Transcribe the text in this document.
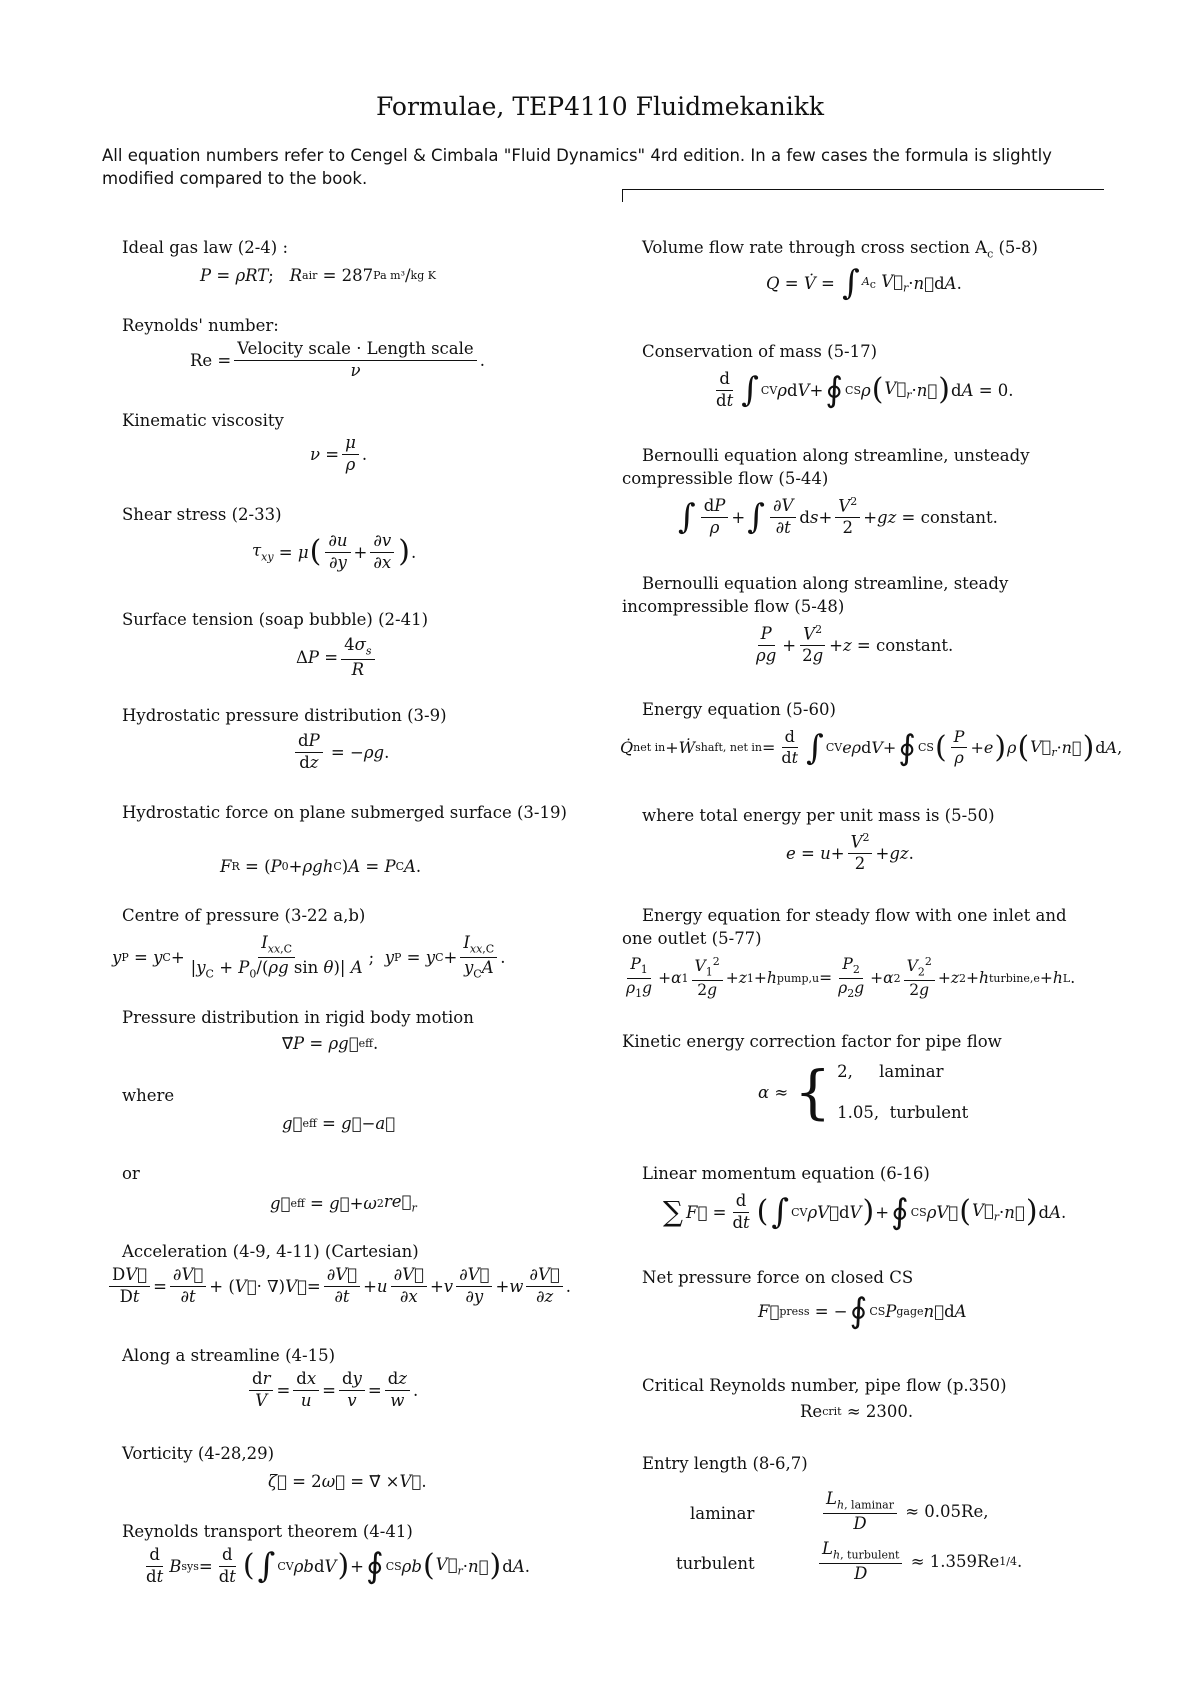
Formulae, TEP4110 Fluidmekanikk
All equation numbers refer to Cengel & Cimbala "Fluid Dynamics" 4rd edition. In a few cases the formula is slightly modified compared to the book.
Ideal gas law (2-4) :
P = ρRT ; R air = 287 Pa m³ / kg K
Reynolds' number:
$Re = \frac{\text{Velocity scale · Length scale}}{\nu}$ .
Kinematic viscosity
$\nu = \frac{\mu}{\rho}$ .
Shear stress (2-33)
$\tau_{xy} = \mu$ ( $\frac{\partial u}{\partial y} + \frac{\partial v}{\partial x}$ ) .
Surface tension (soap bubble) (2-41)
Δ $P = \frac{4\sigma_s}{R}$
Hydrostatic pressure distribution (3-9)
$\frac{dP}{dz}$ = − ρg .
Hydrostatic force on plane submerged surface (3-19)
F R = ( P 0 + ρgh C ) A = P C A .
Centre of pressure (3-22 a,b)
y P = y $C + \frac{I_{xx,C}}{|y_C + P_0/(\rho g \sin \theta)| A}$ ; y P = y $C + \frac{I_{xx,C}}{y_CA}$ .
Pressure distribution in rigid body motion
∇⃗ P = ρg⃗ eff .
where
g⃗ eff = g⃗ − a⃗
or
g⃗ eff = g⃗ + ω 2 $re⃗_r$
Acceleration (4-9, 4-11) (Cartesian)
$\frac{DV⃗}{Dt} = \frac{\partial V⃗}{\partial t}$ + ( V⃗ · ∇) V⃗ = $\frac{\partial V⃗}{\partial t} + u \frac{\partial V⃗}{\partial x} + v \frac{\partial V⃗}{\partial y} + w \frac{\partial V⃗}{\partial z}$ .
Along a streamline (4-15)
$\frac{dr}{V} = \frac{dx}{u} = \frac{dy}{v} = \frac{dz}{w}$ .
Vorticity (4-28,29)
ζ⃗ = 2 ω⃗ = ∇⃗ × V⃗ .
Reynolds transport theorem (4-41)
$\frac{d}{dt}$ B sys = $\frac{d}{dt}$ ( ∫ CV ρb d V ) + ∮ CS ρb ( $V⃗_r$ · n⃗ ) d A .
Volume flow rate through cross section $A_c$ (5-8)
Q = V̇ = ∫ $A_c$
$V⃗_r$ · n⃗ d A .
Conservation of mass (5-17)
$\frac{d}{dt}$ ∫ CV ρ d V + ∮ CS ρ ( $V⃗_r$ · n⃗ ) d A = 0.
Bernoulli equation along streamline, unsteady compressible flow (5-44)
∫ $\frac{dP}{\rho}$ + ∫ $\frac{\partial V}{\partial t}$ d $s + \frac{V^2}{2}$ + gz = constant.
Bernoulli equation along streamline, steady incompressible flow (5-48)
$\frac{P}{\rho g} + \frac{V^2}{2g} + z$ = constant.
Energy equation (5-60)
Q̇ net in + Ẇ shaft, net in = $\frac{d}{dt}$ ∫ CV eρ d V + ∮ CS ( $\frac{P}{\rho} + e$ ) ρ ( $V⃗_r$ · n⃗ ) d A ,
where total energy per unit mass is (5-50)
$e = u + \frac{V^2}{2}$ + gz .
Energy equation for steady flow with one inlet and one outlet (5-77)
$\frac{P_1}{\rho_1g} + \alpha$ $1 \frac{V_1^2}{2g} + z$ 1 + h pump,u = $\frac{P_2}{\rho_2g} + \alpha$ $2 \frac{V_2^2}{2g} + z$ 2 + h turbine,e + h L .
Kinetic energy correction factor for pipe flow
α ≈ { 2, laminar
1.05, turbulent
Linear momentum equation (6-16)
∑ F⃗ = $\frac{d}{dt}$ ( ∫ CV ρV⃗ d V ) + ∮ CS ρV⃗ ( $V⃗_r$ · n⃗ ) d A .
Net pressure force on closed CS
F⃗ press = − ∮ CS P gage n⃗ d A
Critical Reynolds number, pipe flow (p.350)
Re crit
≈ 2300.
Entry length (8-6,7)
laminar	$\frac{L_{h, laminar}}{D}$
≈ 0.05Re,
turbulent	$\frac{L_{h, turbulent}}{D}$
≈ 1.359Re 1/4 .
